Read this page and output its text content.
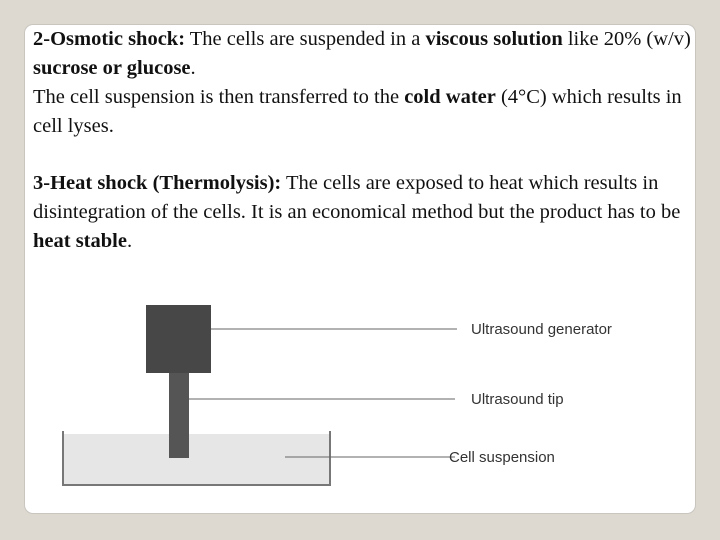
2-Osmotic shock: The cells are suspended in a viscous solution like 20% (w/v) sucrose or glucose.
The cell suspension is then transferred to the cold water (4°C) which results in cell lyses.

3-Heat shock (Thermolysis): The cells are exposed to heat which results in disintegration of the cells. It is an economical method but the product has to be heat stable.

Ultrasound generator
Ultrasound tip
Cell suspension
